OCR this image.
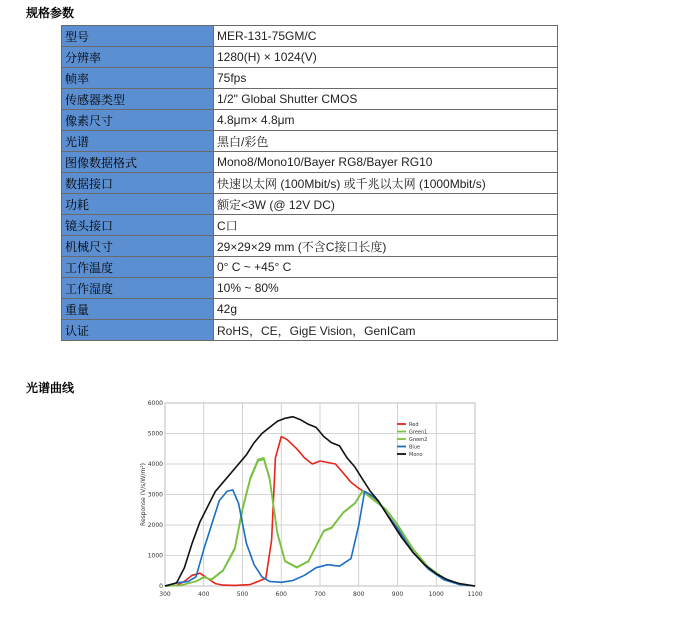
规格参数
型号	MER-131-75GM/C
分辨率	1280(H) × 1024(V)
帧率	75fps
传感器类型	1/2" Global Shutter CMOS
像素尺寸	4.8μm× 4.8μm
光谱	黑白/彩色
图像数据格式	Mono8/Mono10/Bayer RG8/Bayer RG10
数据接口	快速以太网 (100Mbit/s) 或千兆以太网 (1000Mbit/s)
功耗	额定<3W (@ 12V DC)
镜头接口	C口
机械尺寸	29×29×29 mm (不含C接口长度)
工作温度	0° C ~ +45° C
工作湿度	10% ~ 80%
重量	42g
认证	RoHS，CE，GigE Vision，GenICam
光谱曲线
300	400	500	600	700	800	900	1000	1100
0
1000
2000
3000
4000
5000
6000
Response (V/s/W/m²)
Red
Green1
Green2
Blue
Mono
